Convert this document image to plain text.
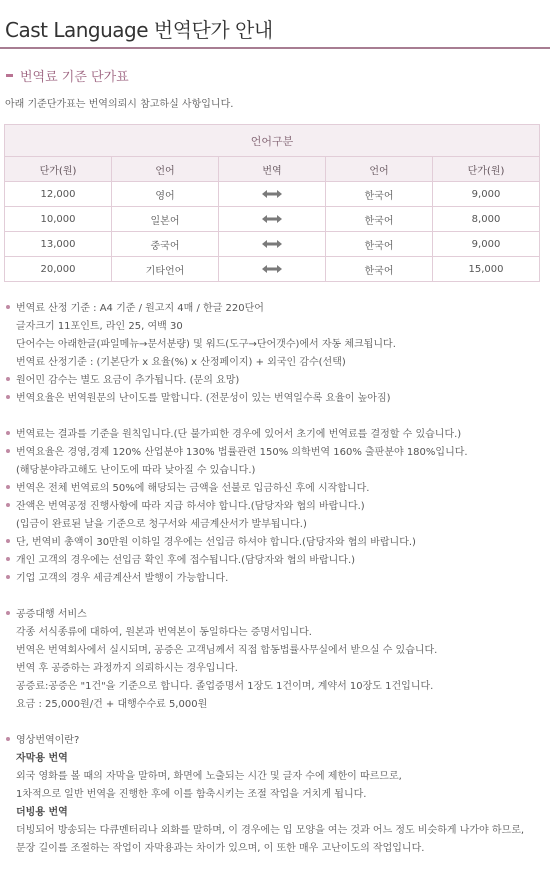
Cast Language 번역단가 안내
번역료 기준 단가표
아래 기준단가표는 번역의뢰시 참고하실 사항입니다.
언어구분				
단가(원)	언어	번역	언어	단가(원)
12,000	영어		한국어	9,000
10,000	일본어		한국어	8,000
13,000	중국어		한국어	9,000
20,000	기타언어		한국어	15,000
번역료 산정 기준 : A4 기준 / 원고지 4매 / 한글 220단어
글자크기 11포인트, 라인 25, 여백 30
단어수는 아래한글(파일메뉴→문서분량) 및 워드(도구→단어갯수)에서 자동 체크됩니다.
번역료 산정기준 : (기본단가 x 요율(%) x 산정페이지) + 외국인 감수(선택)
원어민 감수는 별도 요금이 추가됩니다. (문의 요망)
번역요율은 번역원문의 난이도를 말합니다. (전문성이 있는 번역일수록 요율이 높아짐)
번역료는 결과를 기준을 원칙입니다.(단 불가피한 경우에 있어서 초기에 번역료를 결정할 수 있습니다.)
번역요율은 경영,경제 120% 산업분야 130% 법률관련 150% 의학번역 160% 출판분야 180%입니다.
(해당분야라고해도 난이도에 따라 낮아질 수 있습니다.)
번역은 전체 번역료의 50%에 해당되는 금액을 선불로 입금하신 후에 시작합니다.
잔액은 번역공정 진행사항에 따라 지급 하셔야 합니다.(담당자와 협의 바랍니다.)
(입금이 완료된 날을 기준으로 청구서와 세금계산서가 발부됩니다.)
단, 번역비 총액이 30만원 이하일 경우에는 선입금 하셔야 합니다.(담당자와 협의 바랍니다.)
개인 고객의 경우에는 선입금 확인 후에 접수됩니다.(담당자와 협의 바랍니다.)
기업 고객의 경우 세금계산서 발행이 가능합니다.
공증대행 서비스
각종 서식종류에 대하여, 원본과 번역본이 동일하다는 증명서입니다.
번역은 번역회사에서 실시되며, 공증은 고객님께서 직접 합동법률사무실에서 받으실 수 있습니다.
번역 후 공증하는 과정까지 의뢰하시는 경우입니다.
공증료:공증은 "1건"을 기준으로 합니다. 졸업증명서 1장도 1건이며, 계약서 10장도 1건입니다.
요금 : 25,000원/건 + 대행수수료 5,000원
영상번역이란?
자막용 번역
외국 영화를 볼 때의 자막을 말하며, 화면에 노출되는 시간 및 글자 수에 제한이 따르므로,
1차적으로 일반 번역을 진행한 후에 이를 함축시키는 조절 작업을 거치게 됩니다.
더빙용 번역
더빙되어 방송되는 다큐멘터리나 외화를 말하며, 이 경우에는 입 모양을 여는 것과 어느 정도 비슷하게 나가야 하므로,
문장 길이를 조절하는 작업이 자막용과는 차이가 있으며, 이 또한 매우 고난이도의 작업입니다.
